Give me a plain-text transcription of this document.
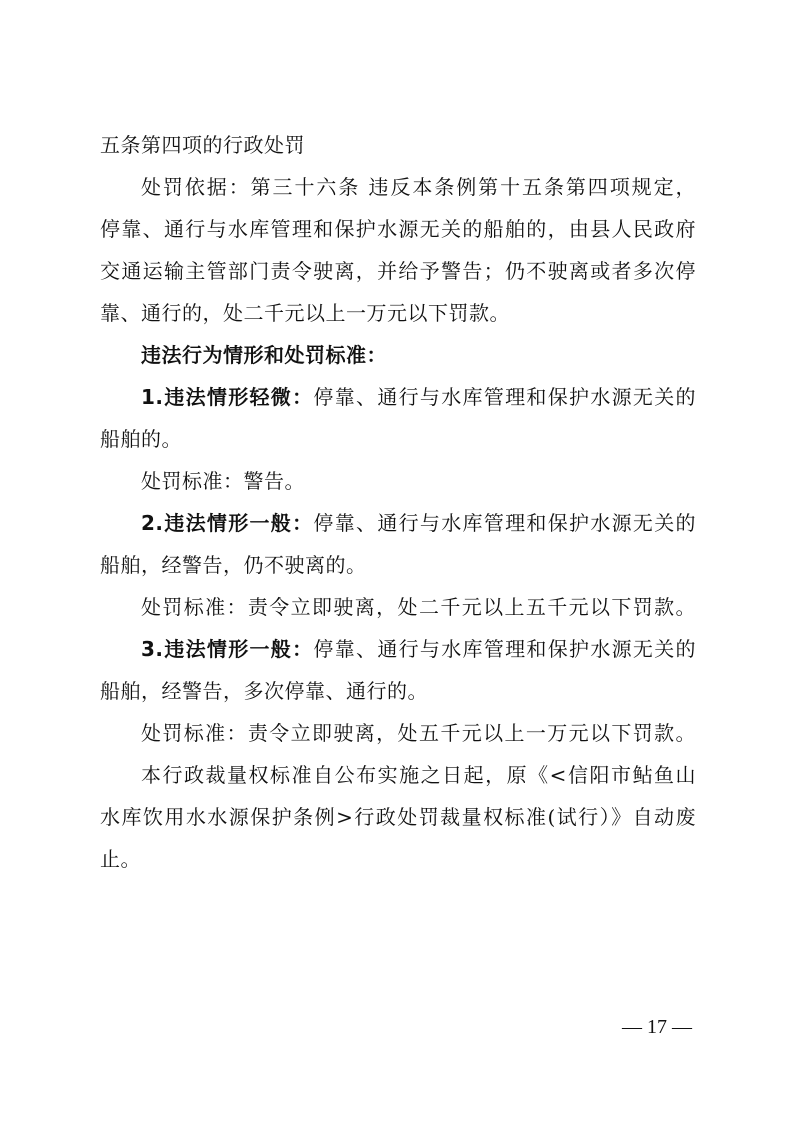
五条第四项的行政处罚
处罚依据：第三十六条 违反本条例第十五条第四项规定，
停靠、通行与水库管理和保护水源无关的船舶的，由县人民政府
交通运输主管部门责令驶离，并给予警告；仍不驶离或者多次停
靠、通行的，处二千元以上一万元以下罚款。
违法行为情形和处罚标准：
1.违法情形轻微：停靠、通行与水库管理和保护水源无关的
船舶的。
处罚标准：警告。
2.违法情形一般：停靠、通行与水库管理和保护水源无关的
船舶，经警告，仍不驶离的。
处罚标准：责令立即驶离，处二千元以上五千元以下罚款。
3.违法情形一般：停靠、通行与水库管理和保护水源无关的
船舶，经警告，多次停靠、通行的。
处罚标准：责令立即驶离，处五千元以上一万元以下罚款。
本行政裁量权标准自公布实施之日起，原《<信阳市鲇鱼山
水库饮用水水源保护条例>行政处罚裁量权标准(试行）》自动废
止。
— 17 —
